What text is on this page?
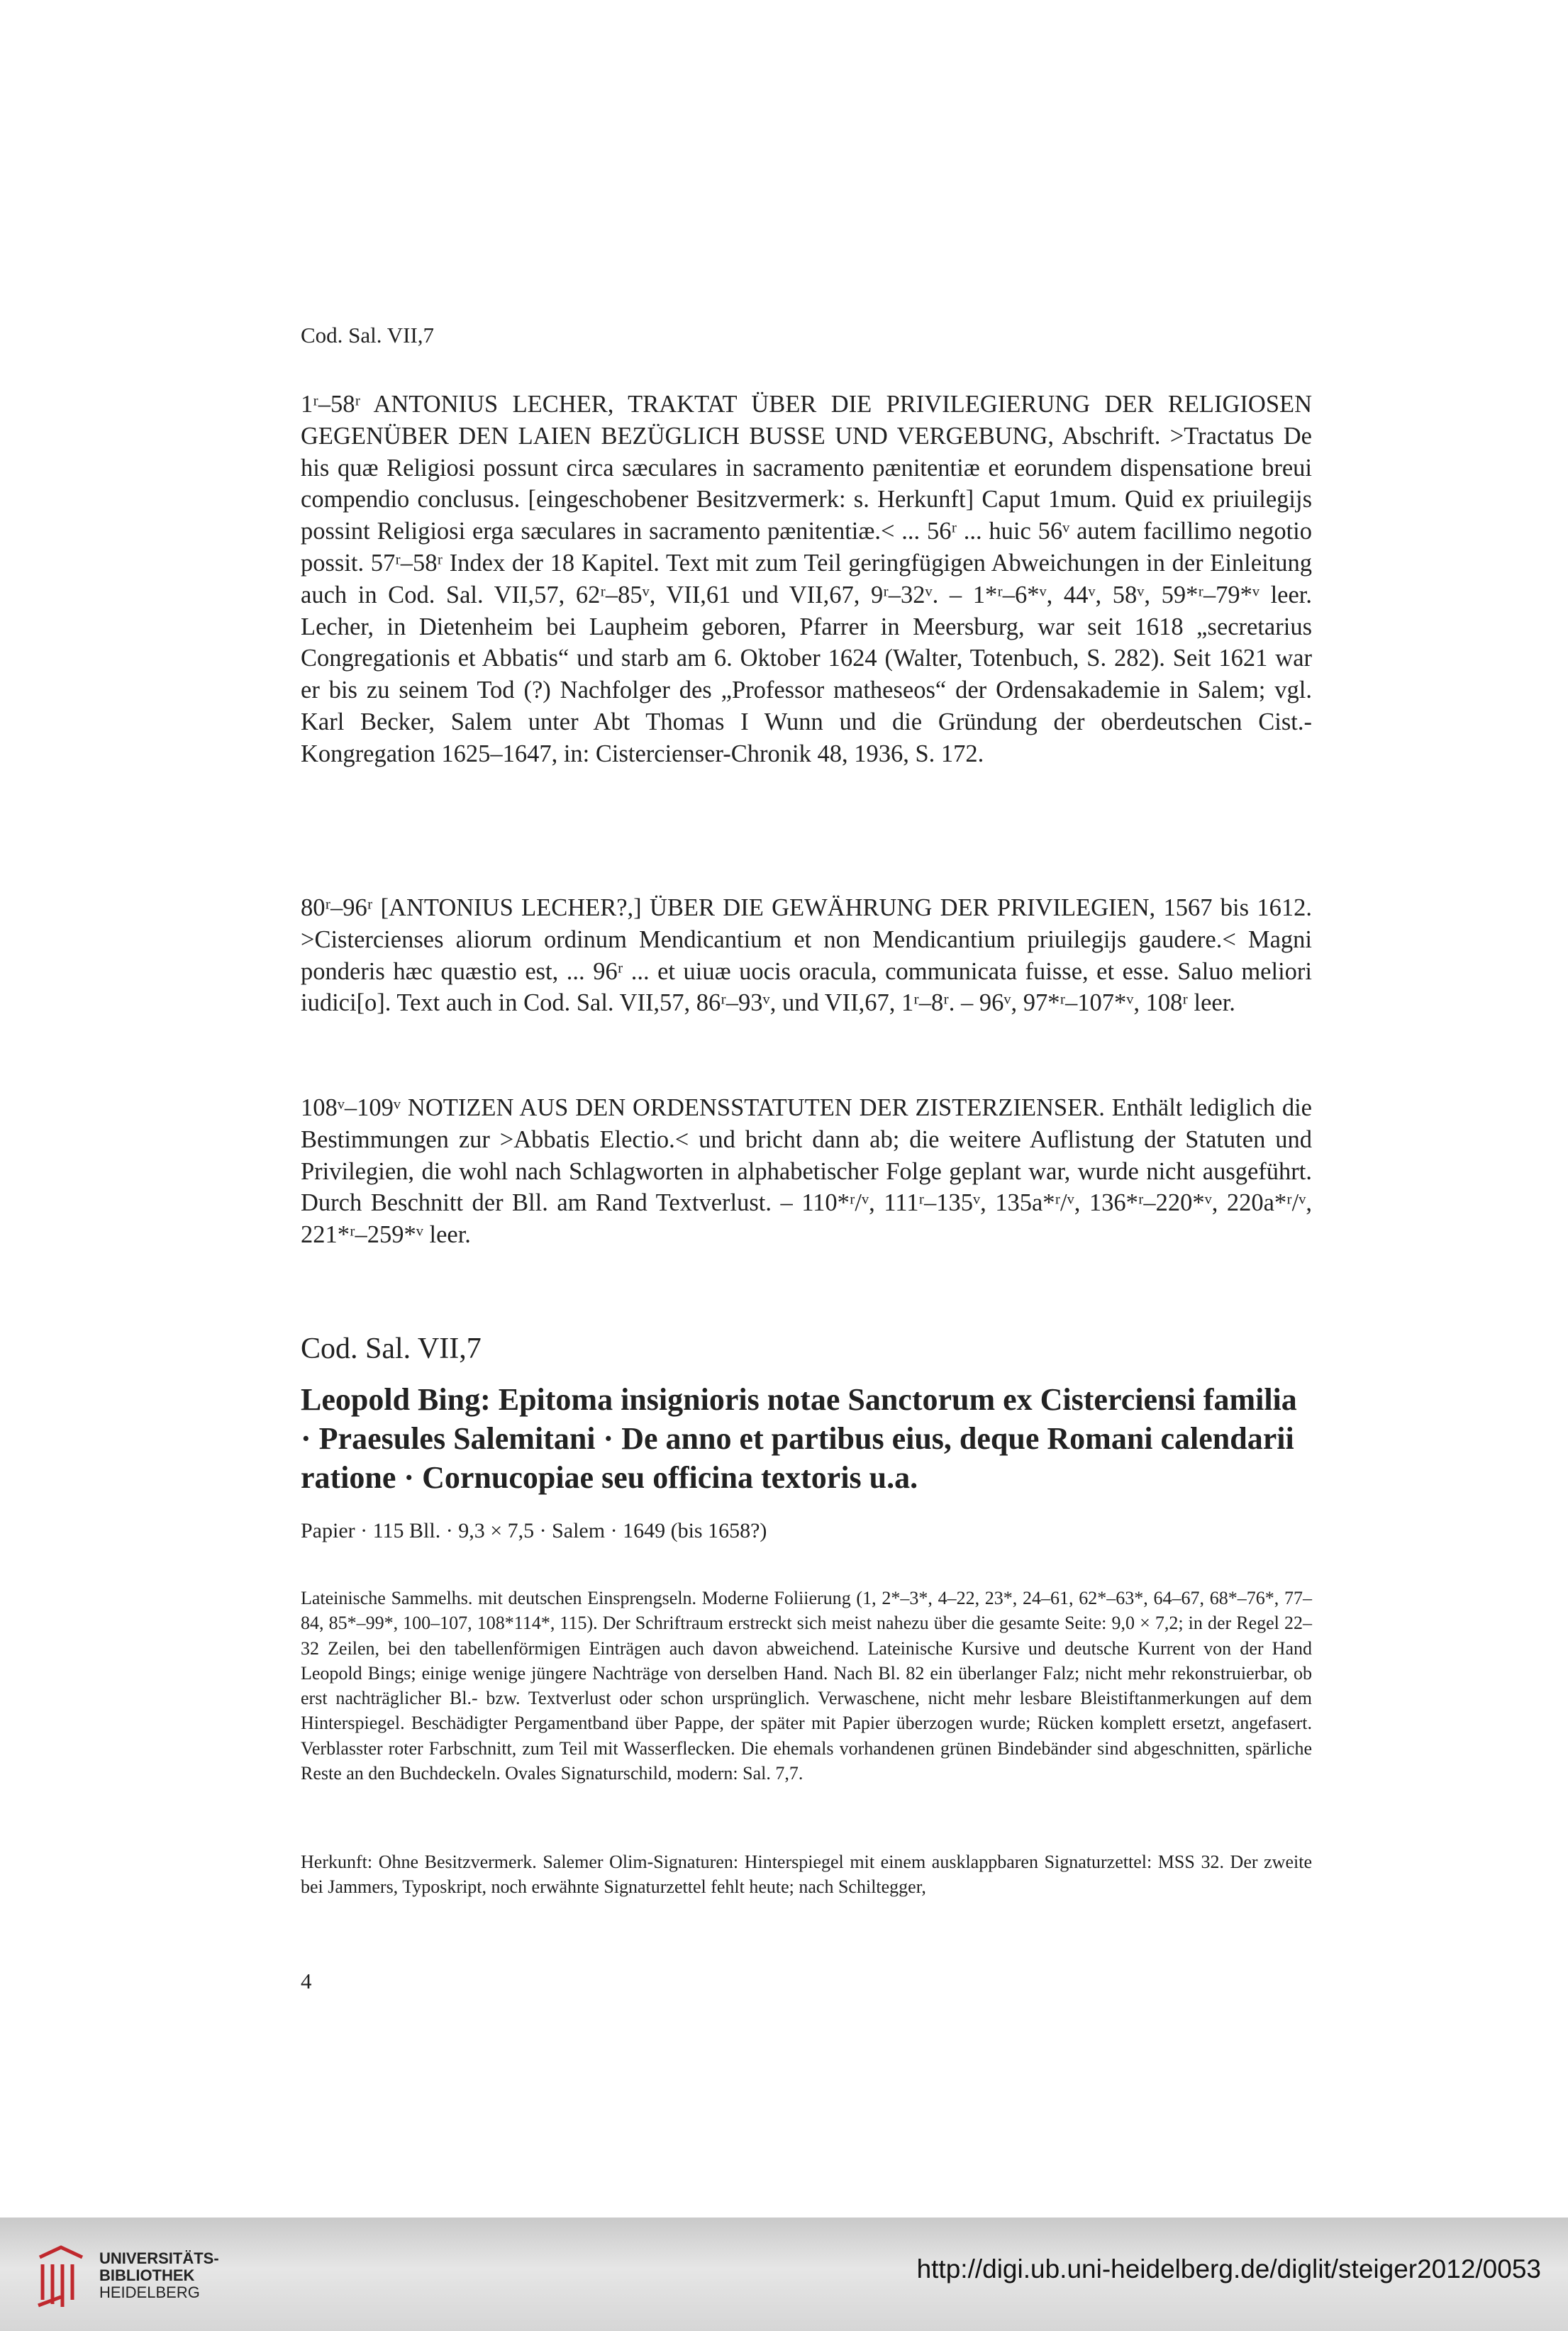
Cod. Sal. VII,7

1ʳ–58ʳ ANTONIUS LECHER, TRAKTAT ÜBER DIE PRIVILEGIERUNG DER RELIGIOSEN GEGENÜBER DEN LAIEN BEZÜGLICH BUSSE UND VERGEBUNG, Abschrift. >Tractatus De his quæ Religiosi possunt circa sæculares in sacramento pænitentiæ et eorundem dispensatione breui compendio conclusus. [eingeschobener Besitzvermerk: s. Herkunft] Caput 1mum. Quid ex priuilegijs possint Religiosi erga sæculares in sacramento pænitentiæ.< ... 56ʳ ... huic 56ᵛ autem facillimo negotio possit. 57ʳ–58ʳ Index der 18 Kapitel. Text mit zum Teil geringfügigen Abweichungen in der Einleitung auch in Cod. Sal. VII,57, 62ʳ–85ᵛ, VII,61 und VII,67, 9ʳ–32ᵛ. – 1*ʳ–6*ᵛ, 44ᵛ, 58ᵛ, 59*ʳ–79*ᵛ leer. Lecher, in Dietenheim bei Laupheim geboren, Pfarrer in Meersburg, war seit 1618 „secretarius Congregationis et Abbatis“ und starb am 6. Oktober 1624 (Walter, Totenbuch, S. 282). Seit 1621 war er bis zu seinem Tod (?) Nachfolger des „Professor matheseos“ der Ordensakademie in Salem; vgl. Karl Becker, Salem unter Abt Thomas I Wunn und die Gründung der oberdeutschen Cist.-Kongregation 1625–1647, in: Cistercienser-Chronik 48, 1936, S. 172.

80ʳ–96ʳ [ANTONIUS LECHER?,] ÜBER DIE GEWÄHRUNG DER PRIVILEGIEN, 1567 bis 1612. >Cistercienses aliorum ordinum Mendicantium et non Mendicantium priuilegijs gaudere.< Magni ponderis hæc quæstio est, ... 96ʳ ... et uiuæ uocis oracula, communicata fuisse, et esse. Saluo meliori iudici[o]. Text auch in Cod. Sal. VII,57, 86ʳ–93ᵛ, und VII,67, 1ʳ–8ʳ. – 96ᵛ, 97*ʳ–107*ᵛ, 108ʳ leer.

108ᵛ–109ᵛ NOTIZEN AUS DEN ORDENSSTATUTEN DER ZISTERZIENSER. Enthält lediglich die Bestimmungen zur >Abbatis Electio.< und bricht dann ab; die weitere Auflistung der Statuten und Privilegien, die wohl nach Schlagworten in alphabetischer Folge geplant war, wurde nicht ausgeführt. Durch Beschnitt der Bll. am Rand Textverlust. – 110*ʳ/ᵛ, 111ʳ–135ᵛ, 135a*ʳ/ᵛ, 136*ʳ–220*ᵛ, 220a*ʳ/ᵛ, 221*ʳ–259*ᵛ leer.

Cod. Sal. VII,7
Leopold Bing: Epitoma insignioris notae Sanctorum ex Cisterciensi familia · Praesules Salemitani · De anno et partibus eius, deque Romani calendarii ratione · Cornucopiae seu officina textoris u.a.
Papier · 115 Bll. · 9,3 × 7,5 · Salem · 1649 (bis 1658?)

Lateinische Sammelhs. mit deutschen Einsprengseln. Moderne Foliierung (1, 2*–3*, 4–22, 23*, 24–61, 62*–63*, 64–67, 68*–76*, 77–84, 85*–99*, 100–107, 108*114*, 115). Der Schriftraum erstreckt sich meist nahezu über die gesamte Seite: 9,0 × 7,2; in der Regel 22–32 Zeilen, bei den tabellenförmigen Einträgen auch davon abweichend. Lateinische Kursive und deutsche Kurrent von der Hand Leopold Bings; einige wenige jüngere Nachträge von derselben Hand. Nach Bl. 82 ein überlanger Falz; nicht mehr rekonstruierbar, ob erst nachträglicher Bl.- bzw. Textverlust oder schon ursprünglich. Verwaschene, nicht mehr lesbare Bleistiftanmerkungen auf dem Hinterspiegel. Beschädigter Pergamentband über Pappe, der später mit Papier überzogen wurde; Rücken komplett ersetzt, angefasert. Verblasster roter Farbschnitt, zum Teil mit Wasserflecken. Die ehemals vorhandenen grünen Bindebänder sind abgeschnitten, spärliche Reste an den Buchdeckeln. Ovales Signaturschild, modern: Sal. 7,7.

Herkunft: Ohne Besitzvermerk. Salemer Olim-Signaturen: Hinterspiegel mit einem ausklappbaren Signaturzettel: MSS 32. Der zweite bei Jammers, Typoskript, noch erwähnte Signaturzettel fehlt heute; nach Schiltegger,

4
UNIVERSITÄTS-
BIBLIOTHEK
HEIDELBERG
http://digi.ub.uni-heidelberg.de/diglit/steiger2012/0053
